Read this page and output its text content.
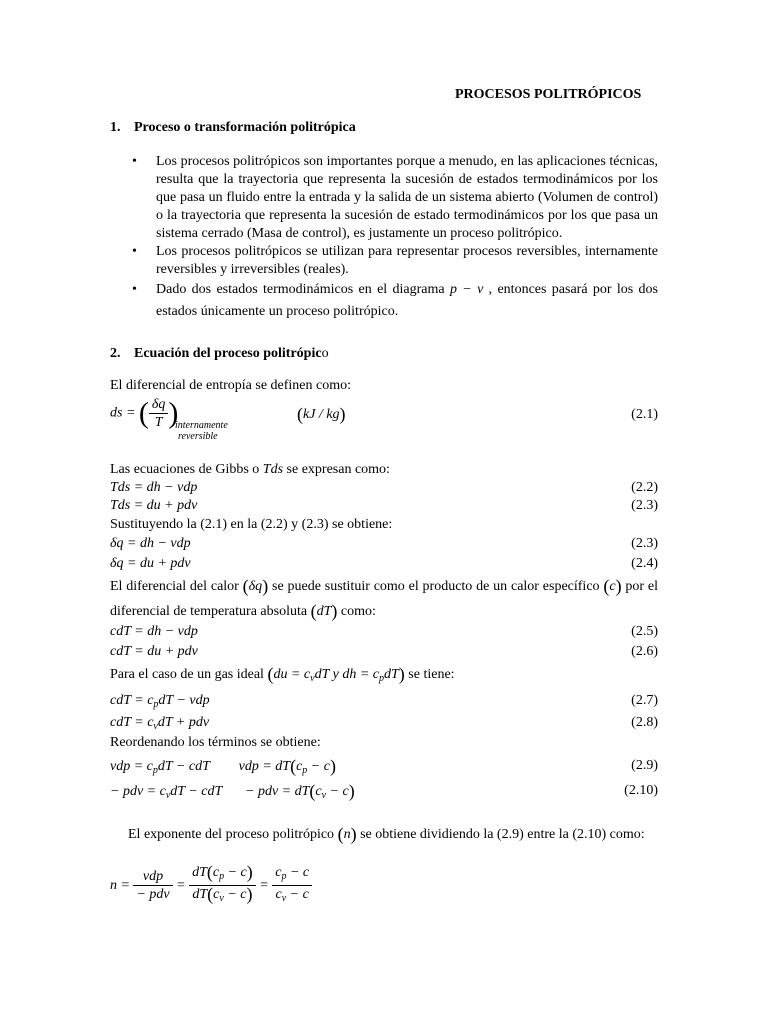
PROCESOS POLITRÓPICOS
1. Proceso o transformación politrópica
• Los procesos politrópicos son importantes porque a menudo, en las aplicaciones técnicas, resulta que la trayectoria que representa la sucesión de estados termodinámicos por los que pasa un fluido entre la entrada y la salida de un sistema abierto (Volumen de control) o la trayectoria que representa la sucesión de estado termodinámicos por los que pasa un sistema cerrado (Masa de control), es justamente un proceso politrópico.
• Los procesos politrópicos se utilizan para representar procesos reversibles, internamente reversibles y irreversibles (reales).
• Dado dos estados termodinámicos en el diagrama p − v , entonces pasará por los dos estados únicamente un proceso politrópico.
2. Ecuación del proceso politrópico
El diferencial de entropía se definen como:
ds = ( $\frac{\delta q}{T}$ )
internamente
reversible
(kJ / kg)	(2.1)
Las ecuaciones de Gibbs o Tds se expresan como:
Tds = dh − vdp	(2.2)
Tds = du + pdv	(2.3)
Sustituyendo la (2.1) en la (2.2) y (2.3) se obtiene:
δq = dh − vdp	(2.3)
δq = du + pdv	(2.4)
El diferencial del calor (δq) se puede sustituir como el producto de un calor específico (c) por el diferencial de temperatura absoluta (dT) como:
cdT = dh − vdp	(2.5)
cdT = du + pdv	(2.6)
Para el caso de un gas ideal ($du = c_vdT$ y dh = $c_pdT$) se tiene:
cdT = $c_pdT$ − vdp	(2.7)
cdT = $c_vdT$ + pdv	(2.8)
Reordenando los términos se obtiene:
vdp = $c_pdT$ − cdT vdp = $dT(c_p - c)$	(2.9)
− pdv = $c_vdT$ − cdT − pdv = $dT(c_v - c)$	(2.10)
El exponente del proceso politrópico (n) se obtiene dividiendo la (2.9) entre la (2.10) como:
$n = \frac{\text{vdp}}{\text{− pdv}} = \frac{dT(c_p - c)}{dT(c_v - c)} = \frac{c_p - c}{c_v - c}$
